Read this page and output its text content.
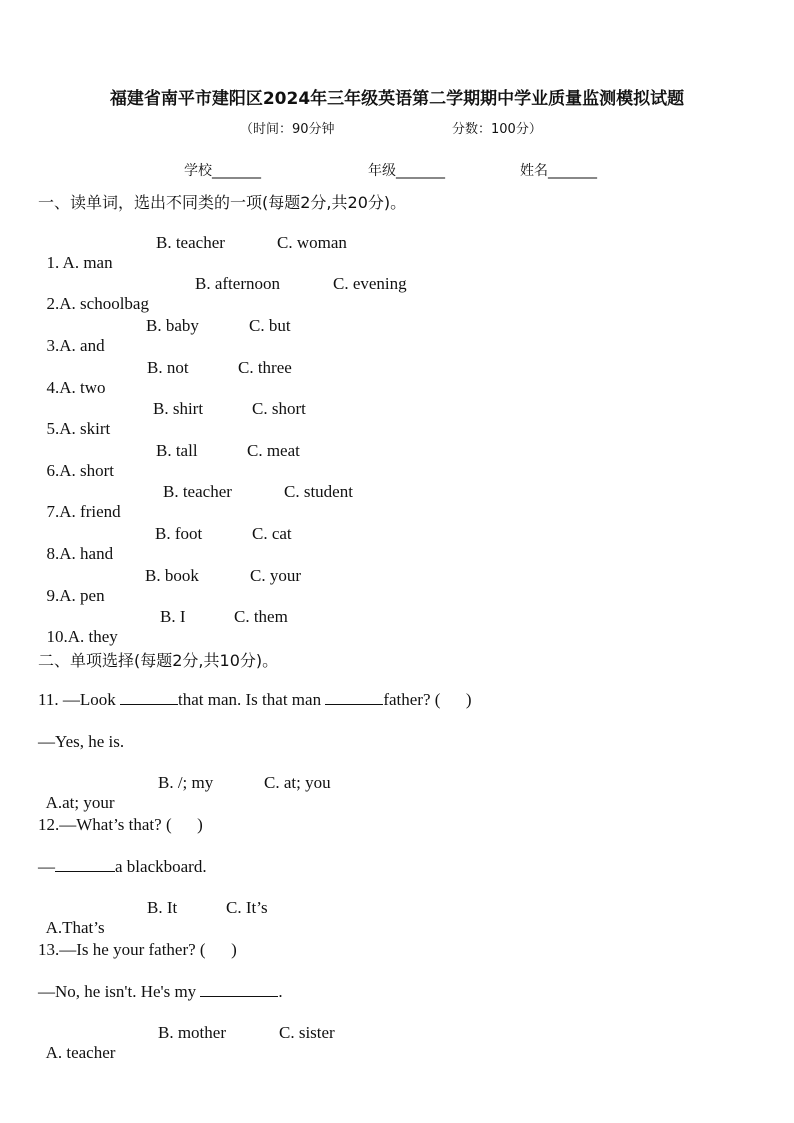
福建省南平市建阳区2024年三年级英语第二学期期中学业质量监测模拟试题
（时间：90分钟	分数：100分）
学校_______	年级_______	姓名_______
一、读单词，选出不同类的一项(每题2分,共20分)。

1. A. man

B. teacher

	C. woman

2.A. schoolbag

B. afternoon

	C. evening

3.A. and

B. baby

	C. but

4.A. two

B. not

	C. three

5.A. skirt

B. shirt

	C. short

6.A. short

B. tall

	C. meat

7.A. friend

B. teacher

	C. student

8.A. hand

B. foot

	C. cat

9.A. pen

B. book

	C. your

10.A. they

B. I

	C. them

二、单项选择(每题2分,共10分)。
11. —Look	that man. Is that man	father? (      )
—Yes, he is.

A.at; your

B. /; my

	C. at; you

12.—What’s that? (      )
—	a blackboard.

A.That’s

B. It

	C. It’s

13.—Is he your father? (      )
—No, he isn't. He's my	.

A. teacher

B. mother

	C. sister
